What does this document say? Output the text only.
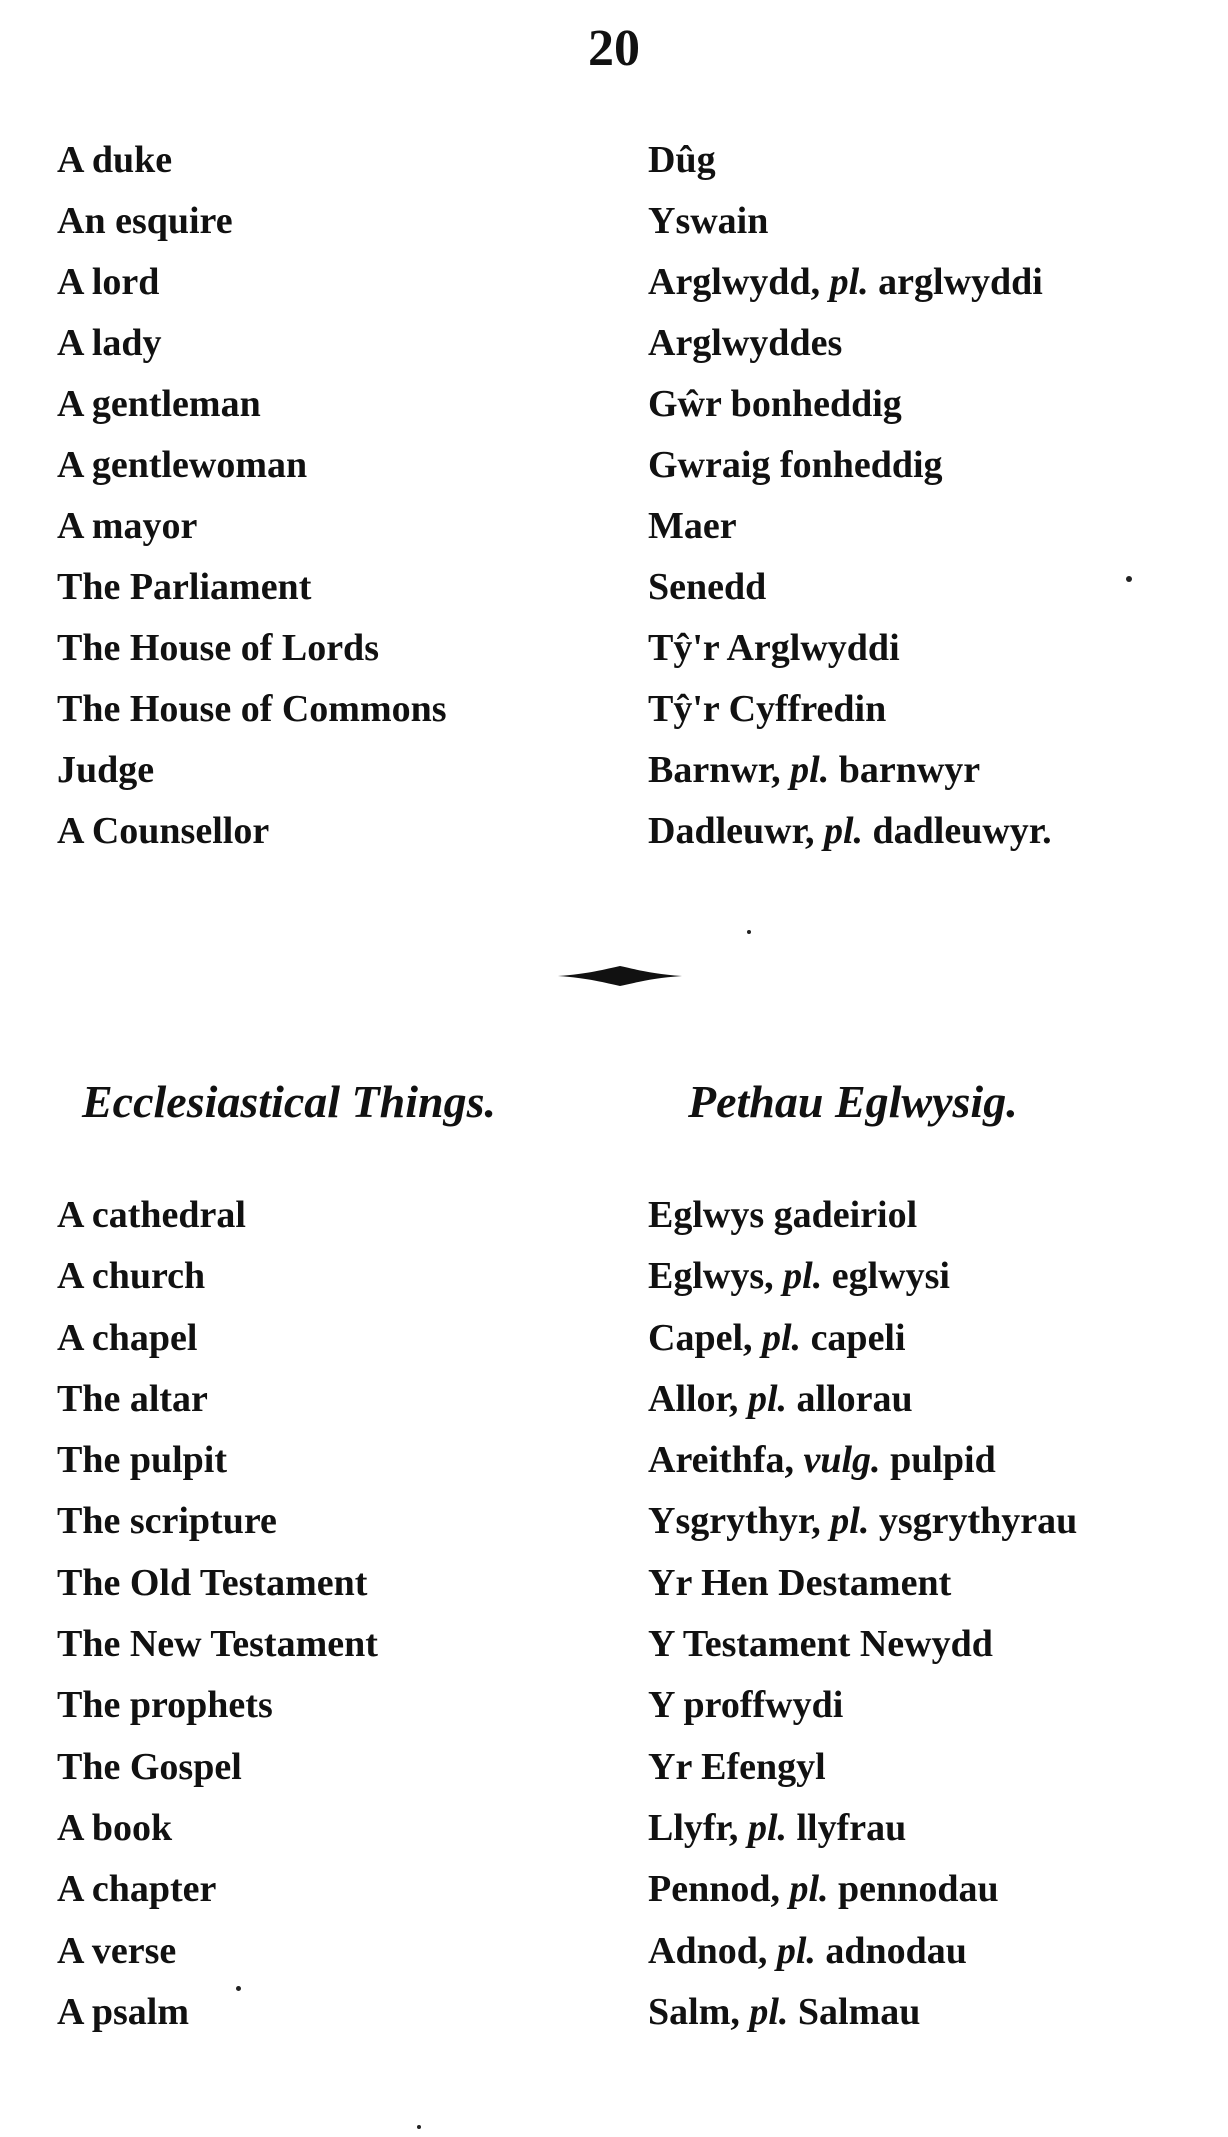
20
A duke	Dûg
An esquire	Yswain
A lord	Arglwydd, pl. arglwyddi
A lady	Arglwyddes
A gentleman	Gŵr bonheddig
A gentlewoman	Gwraig fonheddig
A mayor	Maer
The Parliament	Senedd
The House of Lords	Tŷ'r Arglwyddi
The House of Commons	Tŷ'r Cyffredin
Judge	Barnwr, pl. barnwyr
A Counsellor	Dadleuwr, pl. dadleuwyr.
Ecclesiastical Things.	Pethau Eglwysig.
A cathedral	Eglwys gadeiriol
A church	Eglwys, pl. eglwysi
A chapel	Capel, pl. capeli
The altar	Allor, pl. allorau
The pulpit	Areithfa, vulg. pulpid
The scripture	Ysgrythyr, pl. ysgrythyrau
The Old Testament	Yr Hen Destament
The New Testament	Y Testament Newydd
The prophets	Y proffwydi
The Gospel	Yr Efengyl
A book	Llyfr, pl. llyfrau
A chapter	Pennod, pl. pennodau
A verse	Adnod, pl. adnodau
A psalm	Salm, pl. Salmau
